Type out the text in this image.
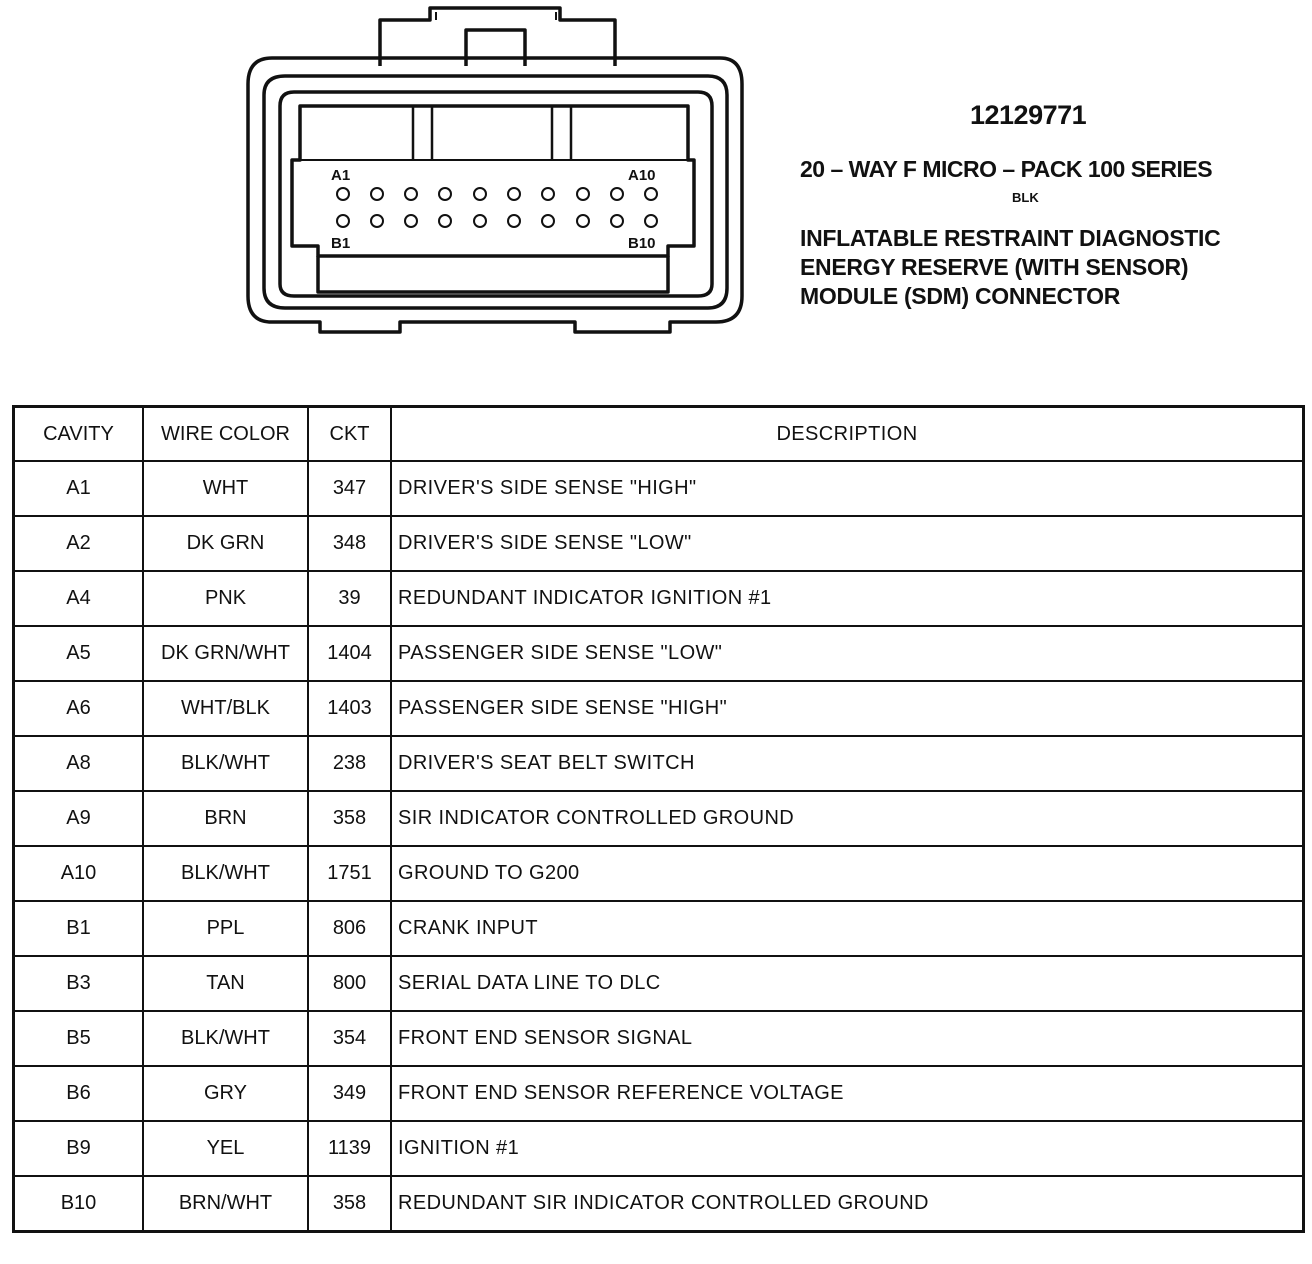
A1	A10
B1	B10
12129771
20 – WAY F MICRO – PACK 100 SERIES
BLK
INFLATABLE RESTRAINT DIAGNOSTIC
ENERGY RESERVE (WITH SENSOR)
MODULE (SDM) CONNECTOR
CAVITY	WIRE COLOR	CKT	DESCRIPTION
A1	WHT	347	DRIVER'S SIDE SENSE "HIGH"
A2	DK GRN	348	DRIVER'S SIDE SENSE "LOW"
A4	PNK	39	REDUNDANT INDICATOR IGNITION #1
A5	DK GRN/WHT	1404	PASSENGER SIDE SENSE "LOW"
A6	WHT/BLK	1403	PASSENGER SIDE SENSE "HIGH"
A8	BLK/WHT	238	DRIVER'S SEAT BELT SWITCH
A9	BRN	358	SIR INDICATOR CONTROLLED GROUND
A10	BLK/WHT	1751	GROUND TO G200
B1	PPL	806	CRANK INPUT
B3	TAN	800	SERIAL DATA LINE TO DLC
B5	BLK/WHT	354	FRONT END SENSOR SIGNAL
B6	GRY	349	FRONT END SENSOR REFERENCE VOLTAGE
B9	YEL	1139	IGNITION #1
B10	BRN/WHT	358	REDUNDANT SIR INDICATOR CONTROLLED GROUND
